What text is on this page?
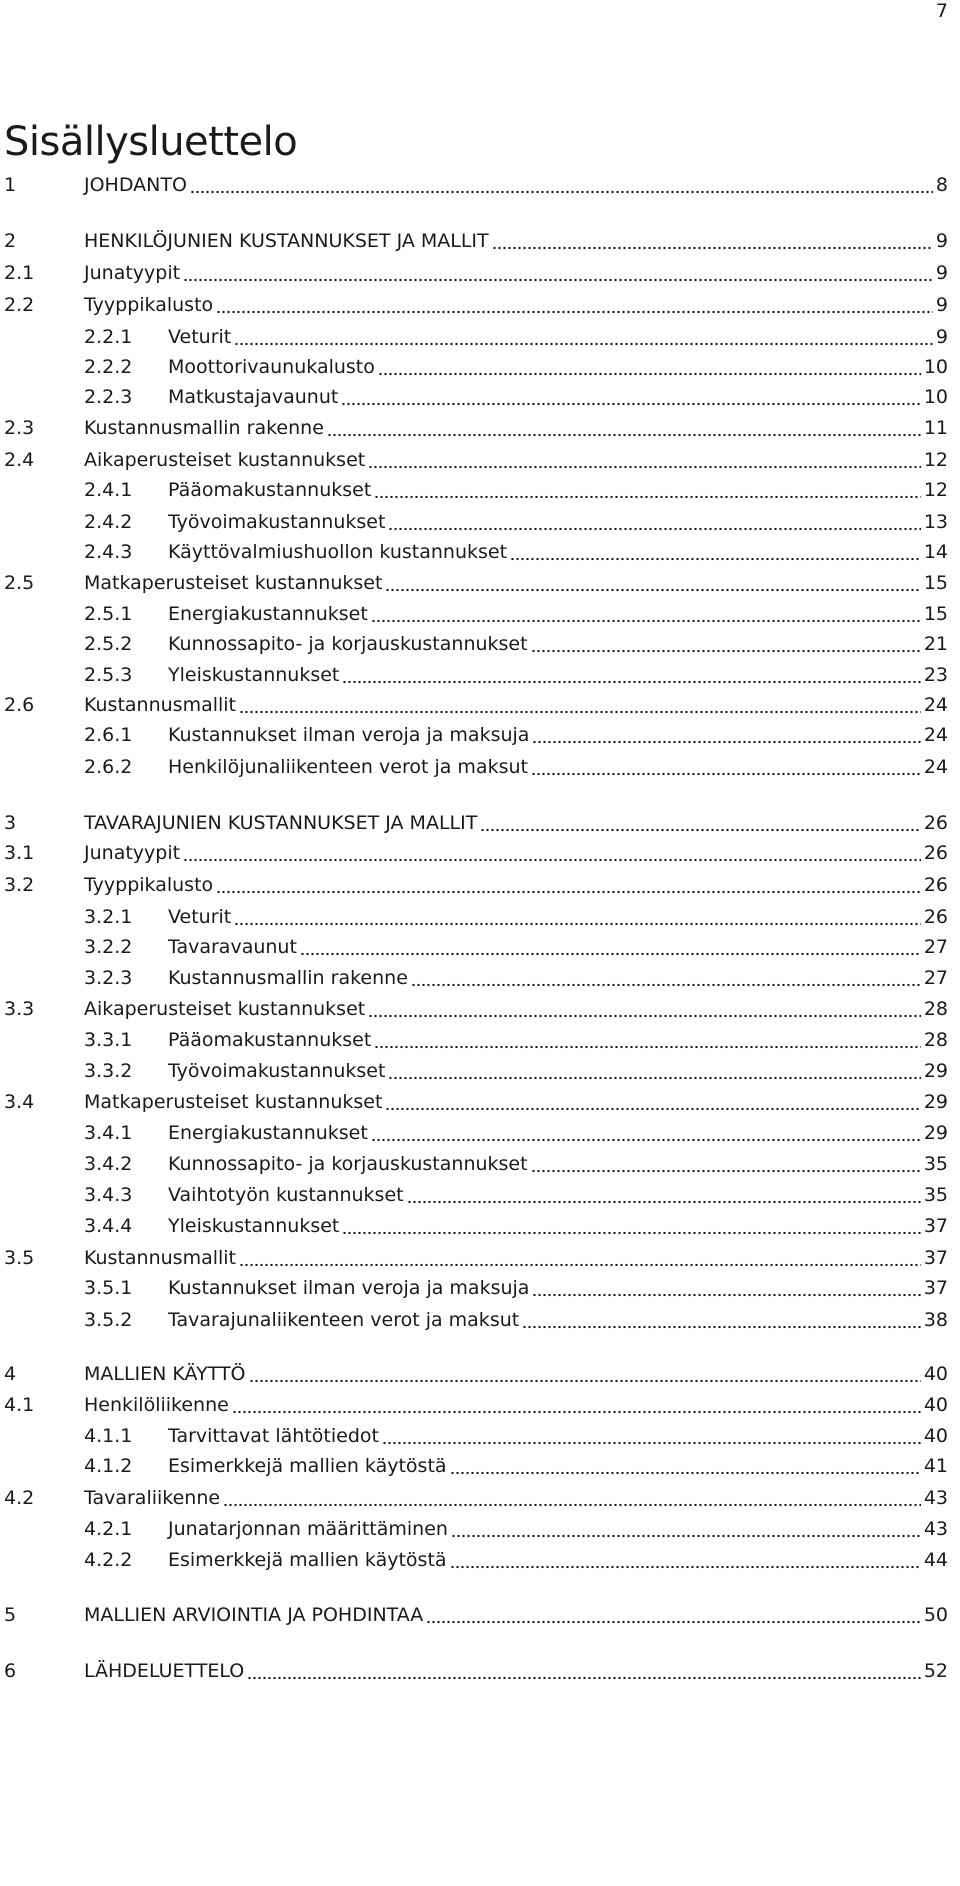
7
Sisällysluettelo
1	JOHDANTO	8
2	HENKILÖJUNIEN KUSTANNUKSET JA MALLIT	9
2.1	Junatyypit	9
2.2	Tyyppikalusto	9
2.2.1 Veturit	9
2.2.2 Moottorivaunukalusto	10
2.2.3 Matkustajavaunut	10
2.3	Kustannusmallin rakenne	11
2.4	Aikaperusteiset kustannukset	12
2.4.1 Pääomakustannukset	12
2.4.2 Työvoimakustannukset	13
2.4.3 Käyttövalmiushuollon kustannukset	14
2.5	Matkaperusteiset kustannukset	15
2.5.1 Energiakustannukset	15
2.5.2 Kunnossapito- ja korjauskustannukset	21
2.5.3 Yleiskustannukset	23
2.6	Kustannusmallit	24
2.6.1 Kustannukset ilman veroja ja maksuja	24
2.6.2 Henkilöjunaliikenteen verot ja maksut	24
3	TAVARAJUNIEN KUSTANNUKSET JA MALLIT	26
3.1	Junatyypit	26
3.2	Tyyppikalusto	26
3.2.1 Veturit	26
3.2.2 Tavaravaunut	27
3.2.3 Kustannusmallin rakenne	27
3.3	Aikaperusteiset kustannukset	28
3.3.1 Pääomakustannukset	28
3.3.2 Työvoimakustannukset	29
3.4	Matkaperusteiset kustannukset	29
3.4.1 Energiakustannukset	29
3.4.2 Kunnossapito- ja korjauskustannukset	35
3.4.3 Vaihtotyön kustannukset	35
3.4.4 Yleiskustannukset	37
3.5	Kustannusmallit	37
3.5.1 Kustannukset ilman veroja ja maksuja	37
3.5.2 Tavarajunaliikenteen verot ja maksut	38
4	MALLIEN KÄYTTÖ	40
4.1	Henkilöliikenne	40
4.1.1 Tarvittavat lähtötiedot	40
4.1.2 Esimerkkejä mallien käytöstä	41
4.2	Tavaraliikenne	43
4.2.1 Junatarjonnan määrittäminen	43
4.2.2 Esimerkkejä mallien käytöstä	44
5	MALLIEN ARVIOINTIA JA POHDINTAA	50
6	LÄHDELUETTELO	52
